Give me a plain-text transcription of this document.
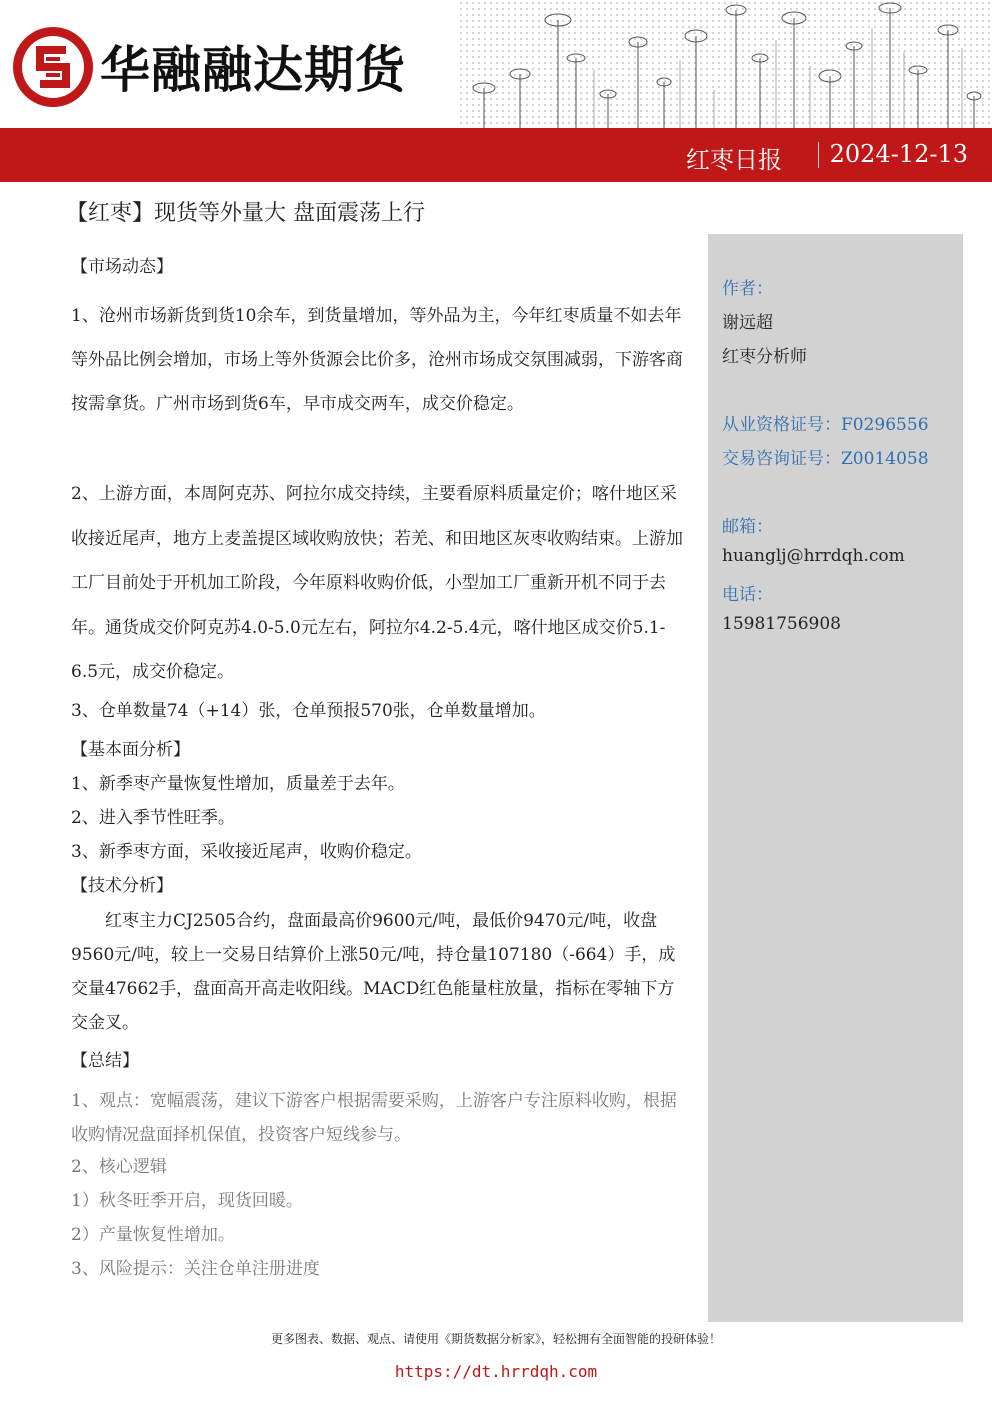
华融融达期货
红枣日报 2024-12-13
【红枣】现货等外量大 盘面震荡上行
作者：
谢远超
红枣分析师
从业资格证号：F0296556
交易咨询证号：Z0014058
邮箱：
huanglj@hrrdqh.com
电话：
15981756908
【市场动态】
1、沧州市场新货到货10余车，到货量增加，等外品为主，今年红枣质量不如去年等外品比例会增加，市场上等外货源会比价多，沧州市场成交氛围减弱，下游客商按需拿货。广州市场到货6车，早市成交两车，成交价稳定。
2、上游方面，本周阿克苏、阿拉尔成交持续，主要看原料质量定价；喀什地区采收接近尾声，地方上麦盖提区域收购放快；若羌、和田地区灰枣收购结束。上游加工厂目前处于开机加工阶段，今年原料收购价低，小型加工厂重新开机不同于去年。通货成交价阿克苏4.0-5.0元左右，阿拉尔4.2-5.4元，喀什地区成交价5.1-6.5元，成交价稳定。
3、仓单数量74（+14）张，仓单预报570张，仓单数量增加。
【基本面分析】
1、新季枣产量恢复性增加，质量差于去年。
2、进入季节性旺季。
3、新季枣方面，采收接近尾声，收购价稳定。
【技术分析】
红枣主力CJ2505合约，盘面最高价9600元/吨，最低价9470元/吨，收盘9560元/吨，较上一交易日结算价上涨50元/吨，持仓量107180（-664）手，成交量47662手，盘面高开高走收阳线。MACD红色能量柱放量，指标在零轴下方交金叉。
【总结】
1、观点：宽幅震荡，建议下游客户根据需要采购，上游客户专注原料收购，根据收购情况盘面择机保值，投资客户短线参与。
2、核心逻辑
1）秋冬旺季开启，现货回暖。
2）产量恢复性增加。
3、风险提示：关注仓单注册进度
更多图表、数据、观点、请使用《期货数据分析家》，轻松拥有全面智能的投研体验！
https://dt.hrrdqh.com
